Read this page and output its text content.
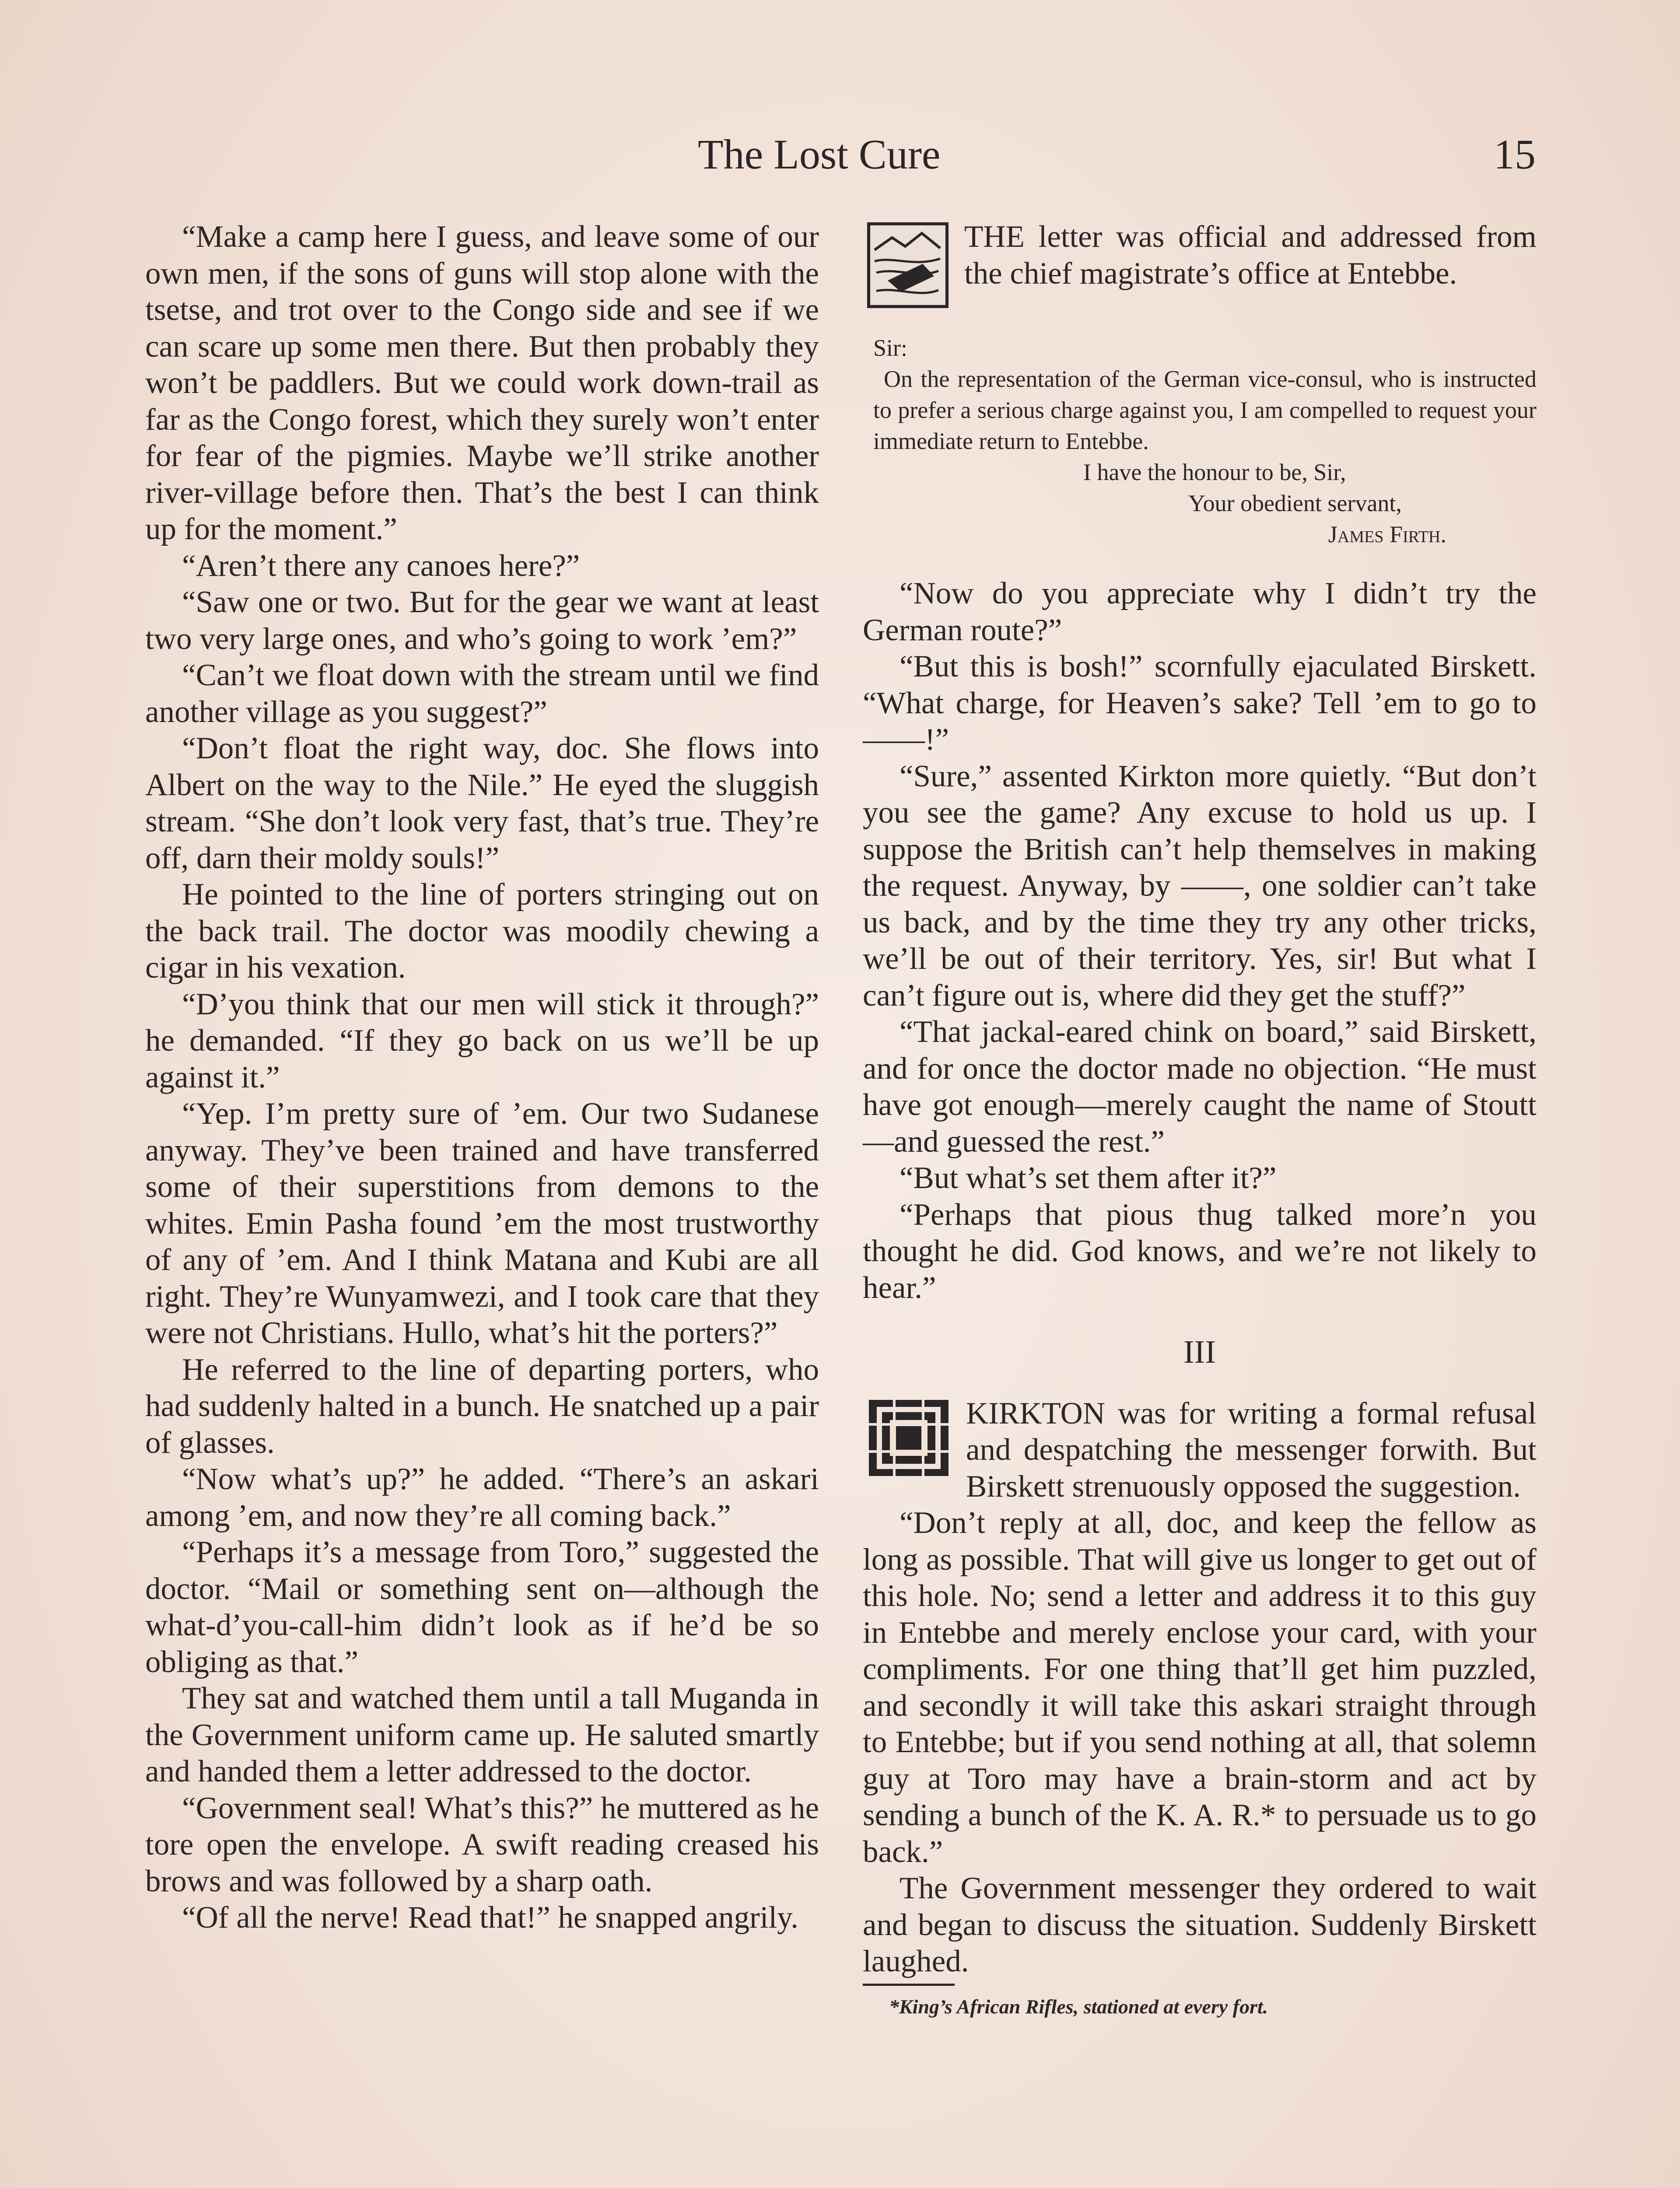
The Lost Cure	15

“Make a camp here I guess, and leave some of our own men, if the sons of guns will stop alone with the tsetse, and trot over to the Congo side and see if we can scare up some men there. But then probably they won’t be paddlers. But we could work down-trail as far as the Congo forest, which they surely won’t enter for fear of the pigmies. Maybe we’ll strike another river-village before then. That’s the best I can think up for the moment.”

“Aren’t there any canoes here?”

“Saw one or two. But for the gear we want at least two very large ones, and who’s going to work ’em?”

“Can’t we float down with the stream until we find another village as you suggest?”

“Don’t float the right way, doc. She flows into Albert on the way to the Nile.” He eyed the sluggish stream. “She don’t look very fast, that’s true. They’re off, darn their moldy souls!”

He pointed to the line of porters stringing out on the back trail. The doctor was moodily chewing a cigar in his vexation.

“D’you think that our men will stick it through?” he demanded. “If they go back on us we’ll be up against it.”

“Yep. I’m pretty sure of ’em. Our two Sudanese anyway. They’ve been trained and have transferred some of their superstitions from demons to the whites. Emin Pasha found ’em the most trustworthy of any of ’em. And I think Matana and Kubi are all right. They’re Wunyamwezi, and I took care that they were not Christians. Hullo, what’s hit the porters?”

He referred to the line of departing porters, who had suddenly halted in a bunch. He snatched up a pair of glasses.

“Now what’s up?” he added. “There’s an askari among ’em, and now they’re all coming back.”

“Perhaps it’s a message from Toro,” suggested the doctor. “Mail or something sent on—although the what-d’you-call-him didn’t look as if he’d be so obliging as that.”

They sat and watched them until a tall Muganda in the Government uniform came up. He saluted smartly and handed them a letter addressed to the doctor.

“Government seal! What’s this?” he muttered as he tore open the envelope. A swift reading creased his brows and was followed by a sharp oath.

“Of all the nerve! Read that!” he snapped angrily.

THE letter was official and addressed from the chief magistrate’s office at Entebbe.

Sir:

On the representation of the German vice-consul, who is instructed to prefer a serious charge against you, I am compelled to request your immediate return to Entebbe.

I have the honour to be, Sir,

Your obedient servant,

James Firth.

“Now do you appreciate why I didn’t try the German route?”

“But this is bosh!” scornfully ejaculated Birskett. “What charge, for Heaven’s sake? Tell ’em to go to ——!”

“Sure,” assented Kirkton more quietly. “But don’t you see the game? Any excuse to hold us up. I suppose the British can’t help themselves in making the request. Anyway, by ——, one soldier can’t take us back, and by the time they try any other tricks, we’ll be out of their territory. Yes, sir! But what I can’t figure out is, where did they get the stuff?”

“That jackal-eared chink on board,” said Birskett, and for once the doctor made no objection. “He must have got enough—merely caught the name of Stoutt—and guessed the rest.”

“But what’s set them after it?”

“Perhaps that pious thug talked more’n you thought he did. God knows, and we’re not likely to hear.”

III

KIRKTON was for writing a formal refusal and despatching the messenger forwith. But Birskett strenuously opposed the suggestion.

“Don’t reply at all, doc, and keep the fellow as long as possible. That will give us longer to get out of this hole. No; send a letter and address it to this guy in Entebbe and merely enclose your card, with your compliments. For one thing that’ll get him puzzled, and secondly it will take this askari straight through to Entebbe; but if you send nothing at all, that solemn guy at Toro may have a brain-storm and act by sending a bunch of the K. A. R.* to persuade us to go back.”

The Government messenger they ordered to wait and began to discuss the situation. Suddenly Birskett laughed.

*King’s African Rifles, stationed at every fort.
